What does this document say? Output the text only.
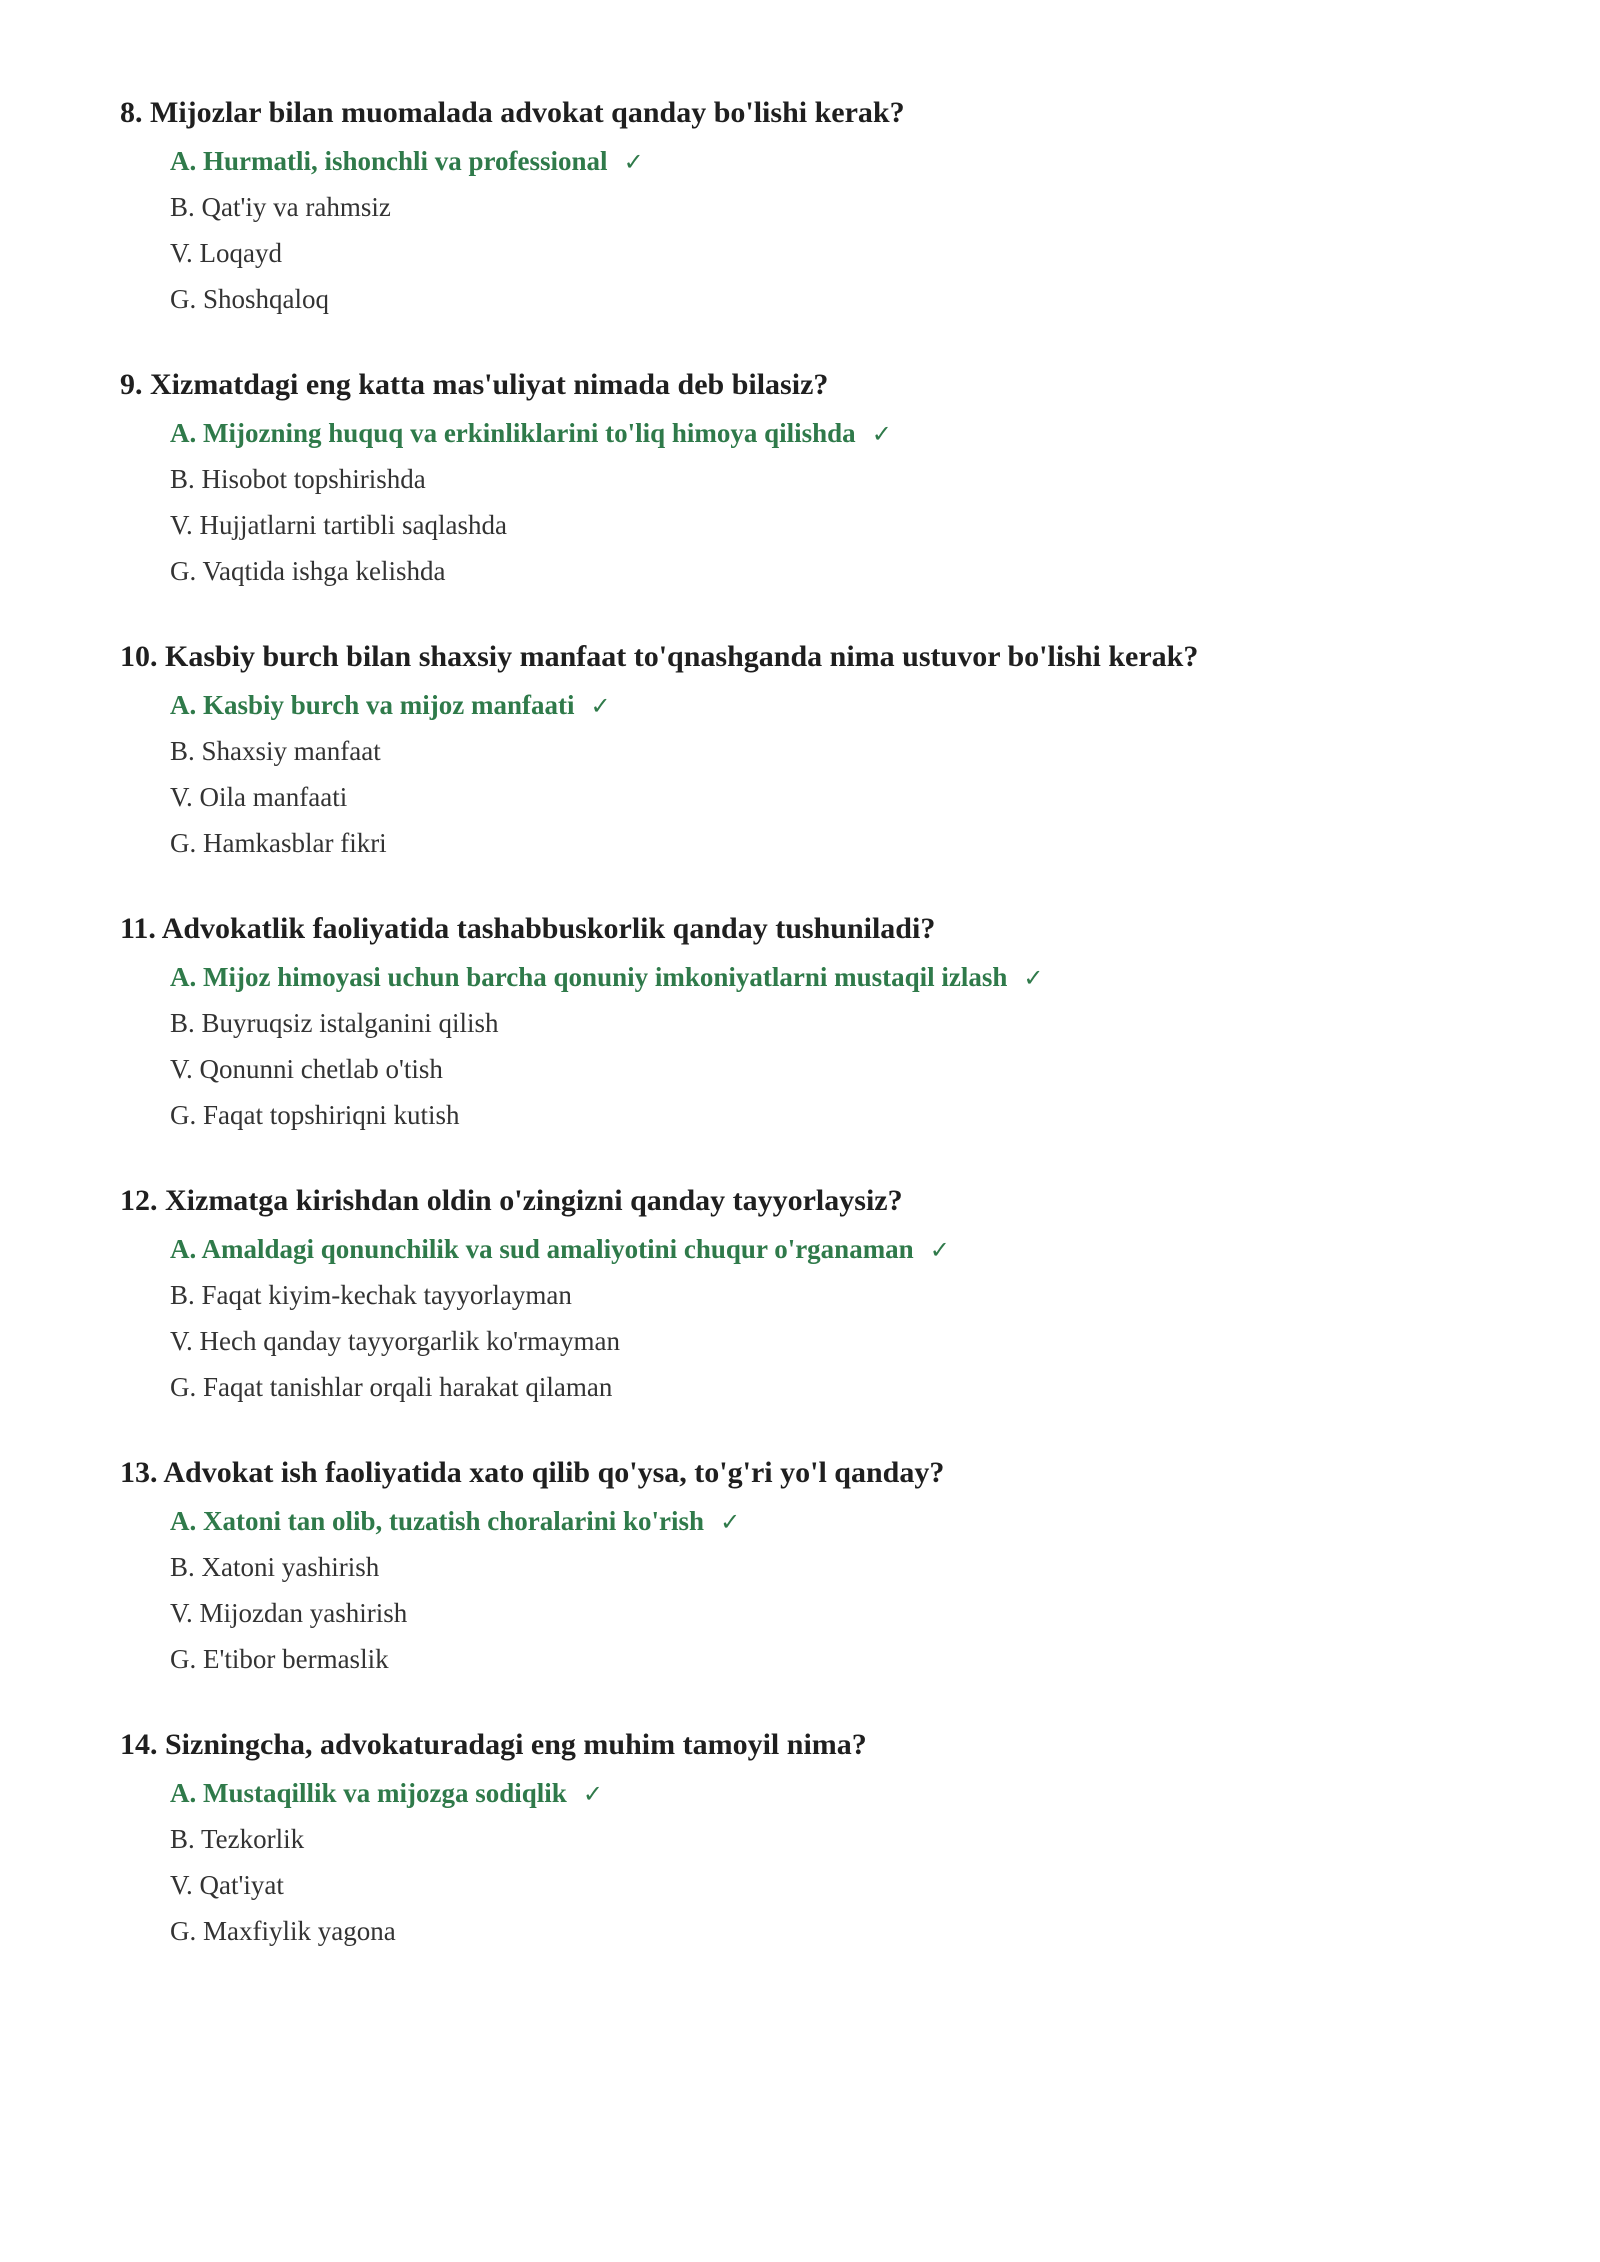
8. Mijozlar bilan muomalada advokat qanday bo'lishi kerak?
A. Hurmatli, ishonchli va professional ✓
B. Qat'iy va rahmsiz
V. Loqayd
G. Shoshqaloq
9. Xizmatdagi eng katta mas'uliyat nimada deb bilasiz?
A. Mijozning huquq va erkinliklarini to'liq himoya qilishda ✓
B. Hisobot topshirishda
V. Hujjatlarni tartibli saqlashda
G. Vaqtida ishga kelishda
10. Kasbiy burch bilan shaxsiy manfaat to'qnashganda nima ustuvor bo'lishi kerak?
A. Kasbiy burch va mijoz manfaati ✓
B. Shaxsiy manfaat
V. Oila manfaati
G. Hamkasblar fikri
11. Advokatlik faoliyatida tashabbuskorlik qanday tushuniladi?
A. Mijoz himoyasi uchun barcha qonuniy imkoniyatlarni mustaqil izlash ✓
B. Buyruqsiz istalganini qilish
V. Qonunni chetlab o'tish
G. Faqat topshiriqni kutish
12. Xizmatga kirishdan oldin o'zingizni qanday tayyorlaysiz?
A. Amaldagi qonunchilik va sud amaliyotini chuqur o'rganaman ✓
B. Faqat kiyim-kechak tayyorlayman
V. Hech qanday tayyorgarlik ko'rmayman
G. Faqat tanishlar orqali harakat qilaman
13. Advokat ish faoliyatida xato qilib qo'ysa, to'g'ri yo'l qanday?
A. Xatoni tan olib, tuzatish choralarini ko'rish ✓
B. Xatoni yashirish
V. Mijozdan yashirish
G. E'tibor bermaslik
14. Sizningcha, advokaturadagi eng muhim tamoyil nima?
A. Mustaqillik va mijozga sodiqlik ✓
B. Tezkorlik
V. Qat'iyat
G. Maxfiylik yagona
